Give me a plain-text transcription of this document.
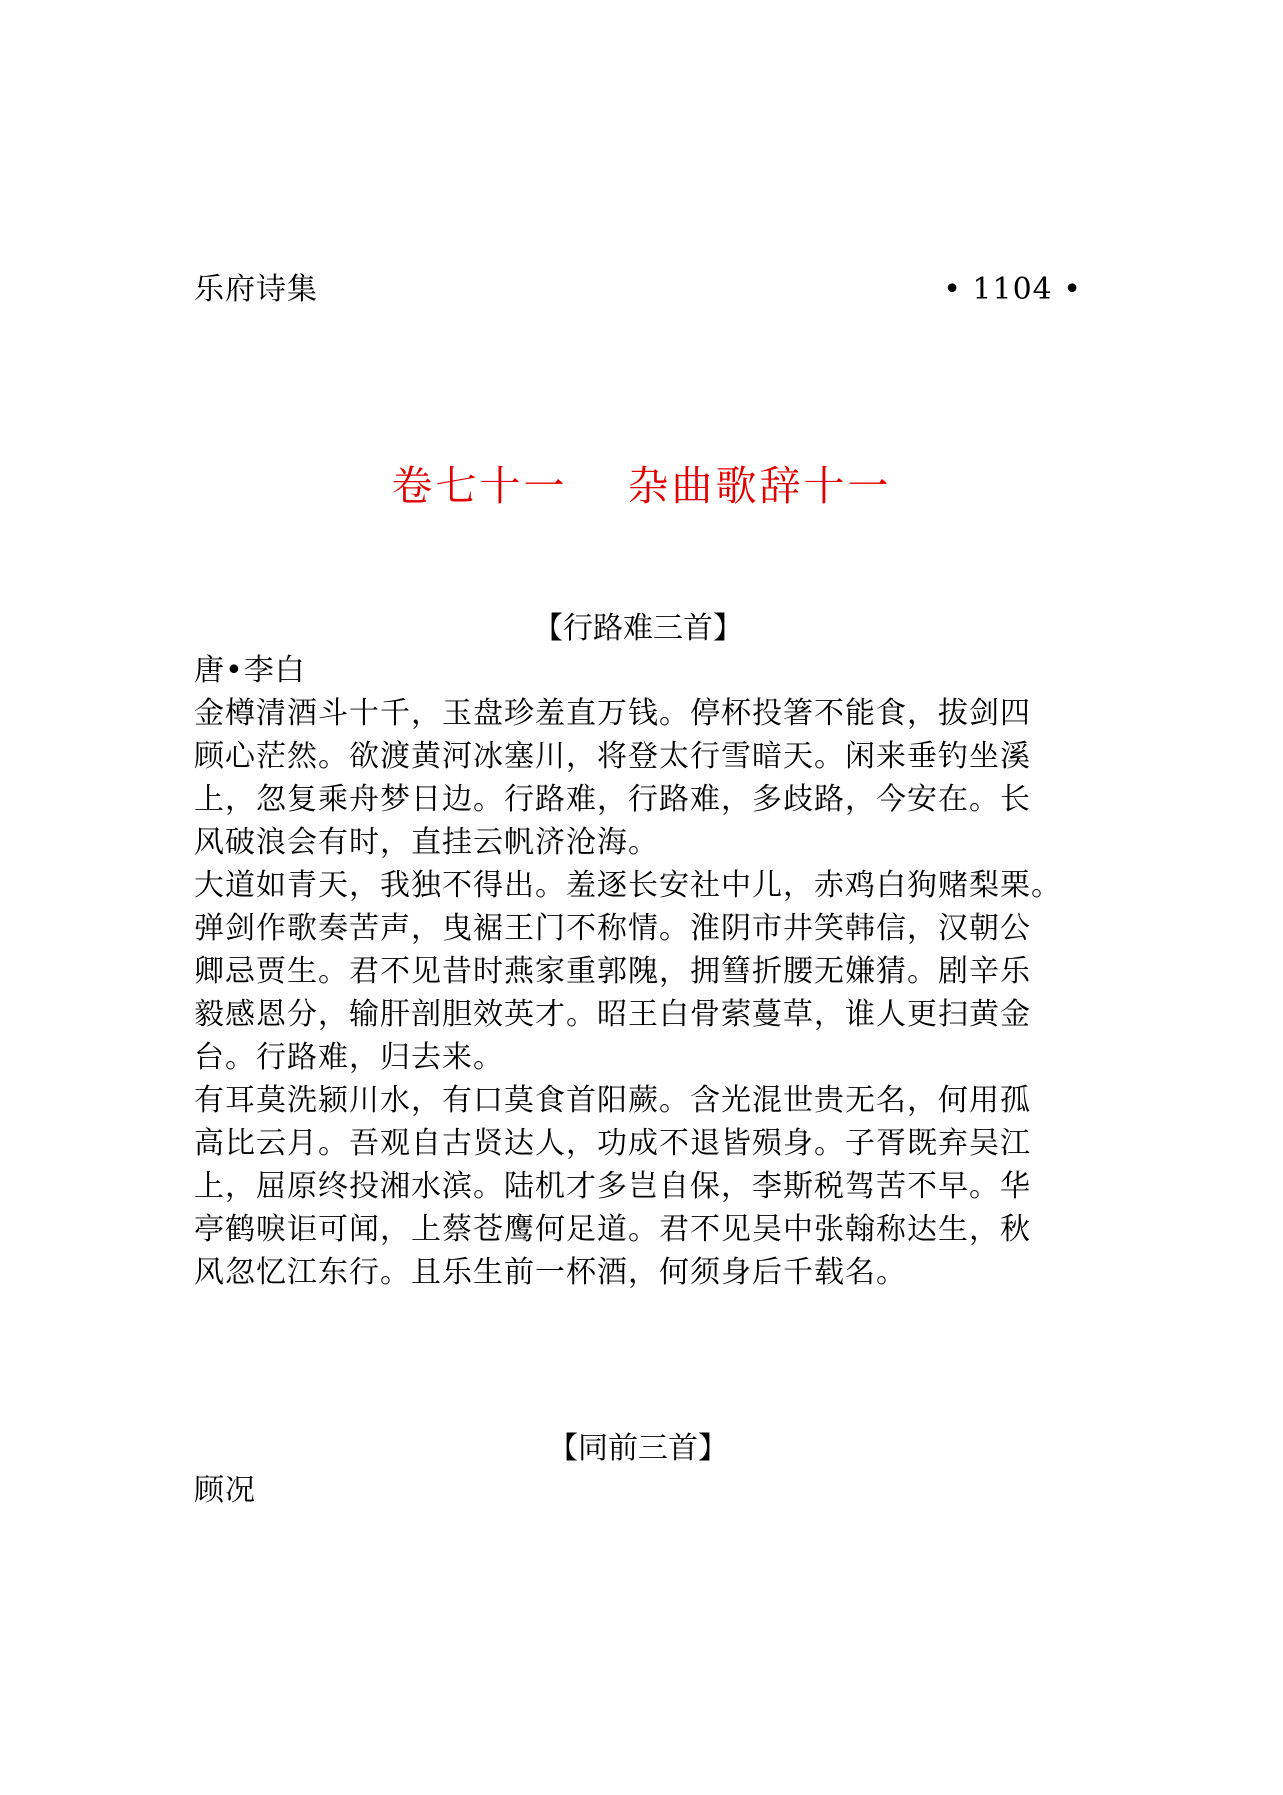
乐府诗集	• 1104 •
卷七十一　 杂曲歌辞十一
【行路难三首】
唐•李白
金樽清酒斗十千，玉盘珍羞直万钱。停杯投箸不能食，拔剑四
顾心茫然。欲渡黄河冰塞川，将登太行雪暗天。闲来垂钓坐溪
上，忽复乘舟梦日边。行路难，行路难，多歧路，今安在。长
风破浪会有时，直挂云帆济沧海。
大道如青天，我独不得出。羞逐长安社中儿，赤鸡白狗赌梨栗。
弹剑作歌奏苦声，曳裾王门不称情。淮阴市井笑韩信，汉朝公
卿忌贾生。君不见昔时燕家重郭隗，拥篲折腰无嫌猜。剧辛乐
毅感恩分，输肝剖胆效英才。昭王白骨萦蔓草，谁人更扫黄金
台。行路难，归去来。
有耳莫洗颍川水，有口莫食首阳蕨。含光混世贵无名，何用孤
高比云月。吾观自古贤达人，功成不退皆殒身。子胥既弃吴江
上，屈原终投湘水滨。陆机才多岂自保，李斯税驾苦不早。华
亭鹤唳讵可闻，上蔡苍鹰何足道。君不见吴中张翰称达生，秋
风忽忆江东行。且乐生前一杯酒，何须身后千载名。
【同前三首】
顾况
